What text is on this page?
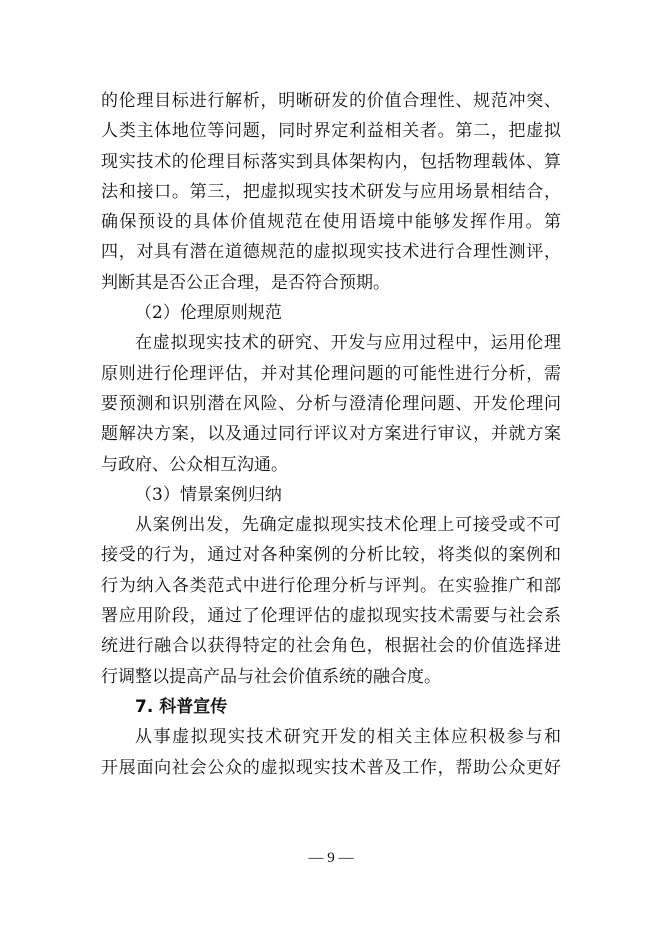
的伦理目标进行解析，明晰研发的价值合理性、规范冲突、
人类主体地位等问题，同时界定利益相关者。第二，把虚拟
现实技术的伦理目标落实到具体架构内，包括物理载体、算
法和接口。第三，把虚拟现实技术研发与应用场景相结合，
确保预设的具体价值规范在使用语境中能够发挥作用。第
四，对具有潜在道德规范的虚拟现实技术进行合理性测评，
判断其是否公正合理，是否符合预期。
（2）伦理原则规范
在虚拟现实技术的研究、开发与应用过程中，运用伦理
原则进行伦理评估，并对其伦理问题的可能性进行分析，需
要预测和识别潜在风险、分析与澄清伦理问题、开发伦理问
题解决方案，以及通过同行评议对方案进行审议，并就方案
与政府、公众相互沟通。
（3）情景案例归纳
从案例出发，先确定虚拟现实技术伦理上可接受或不可
接受的行为，通过对各种案例的分析比较，将类似的案例和
行为纳入各类范式中进行伦理分析与评判。在实验推广和部
署应用阶段，通过了伦理评估的虚拟现实技术需要与社会系
统进行融合以获得特定的社会角色，根据社会的价值选择进
行调整以提高产品与社会价值系统的融合度。
7. 科普宣传
从事虚拟现实技术研究开发的相关主体应积极参与和
开展面向社会公众的虚拟现实技术普及工作，帮助公众更好
— 9 —
